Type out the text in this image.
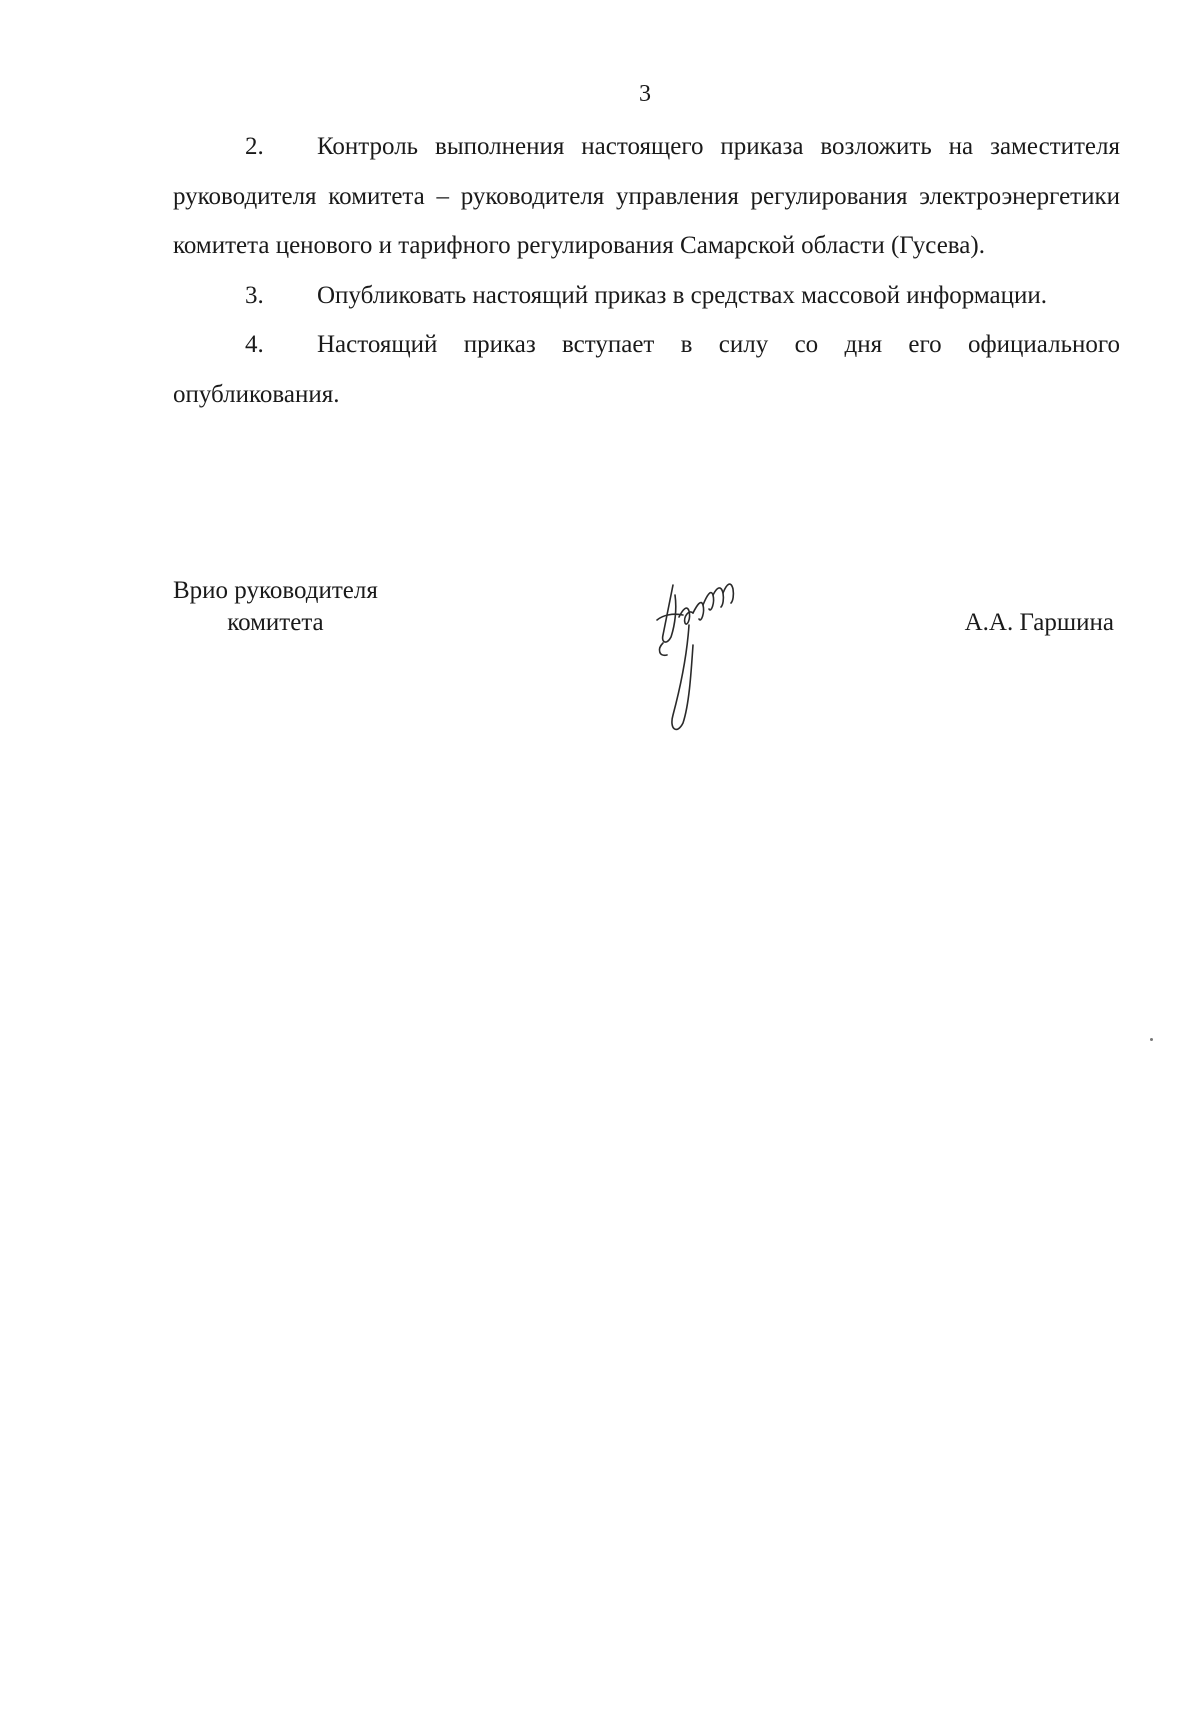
3

2. Контроль выполнения настоящего приказа возложить на заместителя руководителя комитета – руководителя управления регулирования электроэнергетики комитета ценового и тарифного регулирования Самарской области (Гусева).

3. Опубликовать настоящий приказ в средствах массовой информации.

4. Настоящий приказ вступает в силу со дня его официального опубликования.

Врио руководителя
комитета	А.А. Гаршина
